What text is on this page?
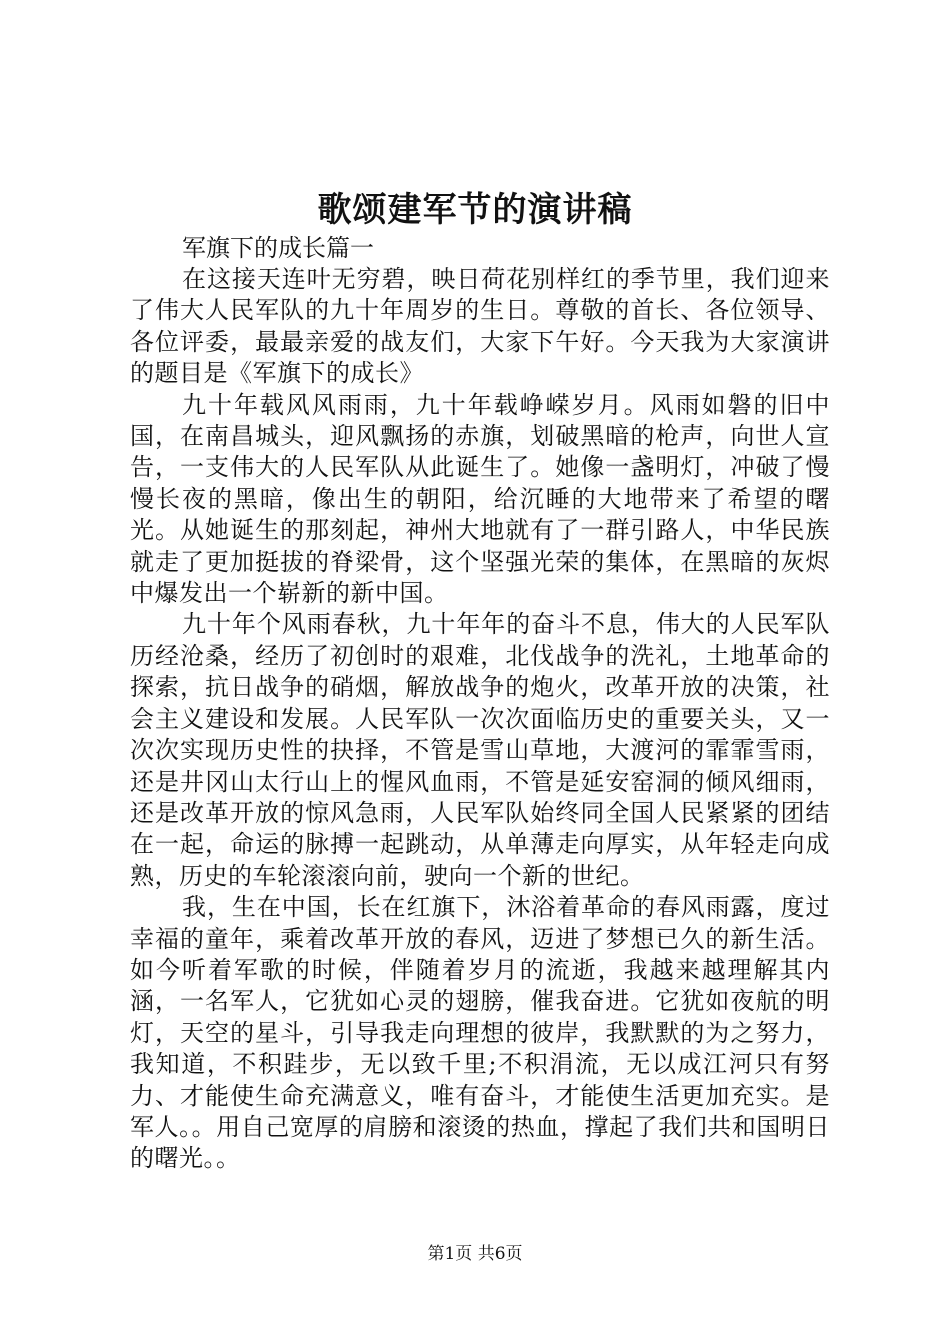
歌颂建军节的演讲稿

军旗下的成长篇一

在这接天连叶无穷碧，映日荷花别样红的季节里，我们迎来了伟大人民军队的九十年周岁的生日。尊敬的首长、各位领导、各位评委，最最亲爱的战友们，大家下午好。今天我为大家演讲的题目是《军旗下的成长》

九十年载风风雨雨，九十年载峥嵘岁月。风雨如磐的旧中国，在南昌城头，迎风飘扬的赤旗，划破黑暗的枪声，向世人宣告，一支伟大的人民军队从此诞生了。她像一盏明灯，冲破了慢慢长夜的黑暗，像出生的朝阳，给沉睡的大地带来了希望的曙光。从她诞生的那刻起，神州大地就有了一群引路人，中华民族就走了更加挺拔的脊梁骨，这个坚强光荣的集体，在黑暗的灰烬中爆发出一个崭新的新中国。

九十年个风雨春秋，九十年年的奋斗不息，伟大的人民军队历经沧桑，经历了初创时的艰难，北伐战争的洗礼，土地革命的探索，抗日战争的硝烟，解放战争的炮火，改革开放的决策，社会主义建设和发展。人民军队一次次面临历史的重要关头，又一次次实现历史性的抉择，不管是雪山草地，大渡河的霏霏雪雨，还是井冈山太行山上的惺风血雨，不管是延安窑洞的倾风细雨，还是改革开放的惊风急雨，人民军队始终同全国人民紧紧的团结在一起，命运的脉搏一起跳动，从单薄走向厚实，从年轻走向成熟，历史的车轮滚滚向前，驶向一个新的世纪。

我，生在中国，长在红旗下，沐浴着革命的春风雨露，度过幸福的童年，乘着改革开放的春风，迈进了梦想已久的新生活。如今听着军歌的时候，伴随着岁月的流逝，我越来越理解其内涵，一名军人，它犹如心灵的翅膀，催我奋进。它犹如夜航的明灯，天空的星斗，引导我走向理想的彼岸，我默默的为之努力，我知道，不积跬步，无以致千里;不积涓流，无以成江河只有努力、才能使生命充满意义，唯有奋斗，才能使生活更加充实。是军人。。用自己宽厚的肩膀和滚烫的热血，撑起了我们共和国明日的曙光。。

第1页 共6页
